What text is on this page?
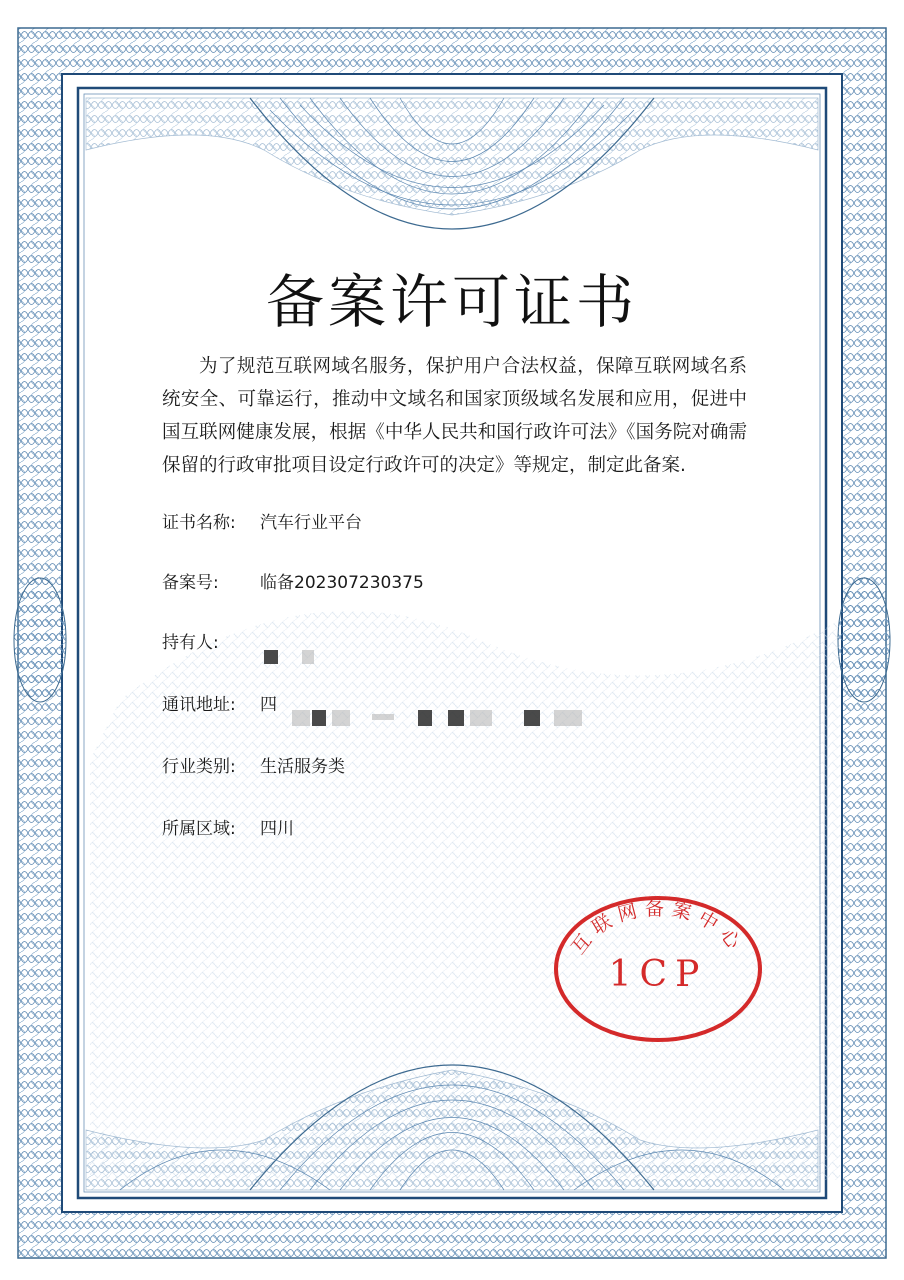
备案许可证书
为了规范互联网域名服务，保护用户合法权益，保障互联网域名系统安全、可靠运行，推动中文域名和国家顶级域名发展和应用，促进中国互联网健康发展，根据《中华人民共和国行政许可法》《国务院对确需保留的行政审批项目设定行政许可的决定》等规定，制定此备案.
证书名称: 汽车行业平台
备案号: 临备202307230375
持有人:
通讯地址: 四
行业类别: 生活服务类
所属区域: 四川
互联网备案中心
1CP
